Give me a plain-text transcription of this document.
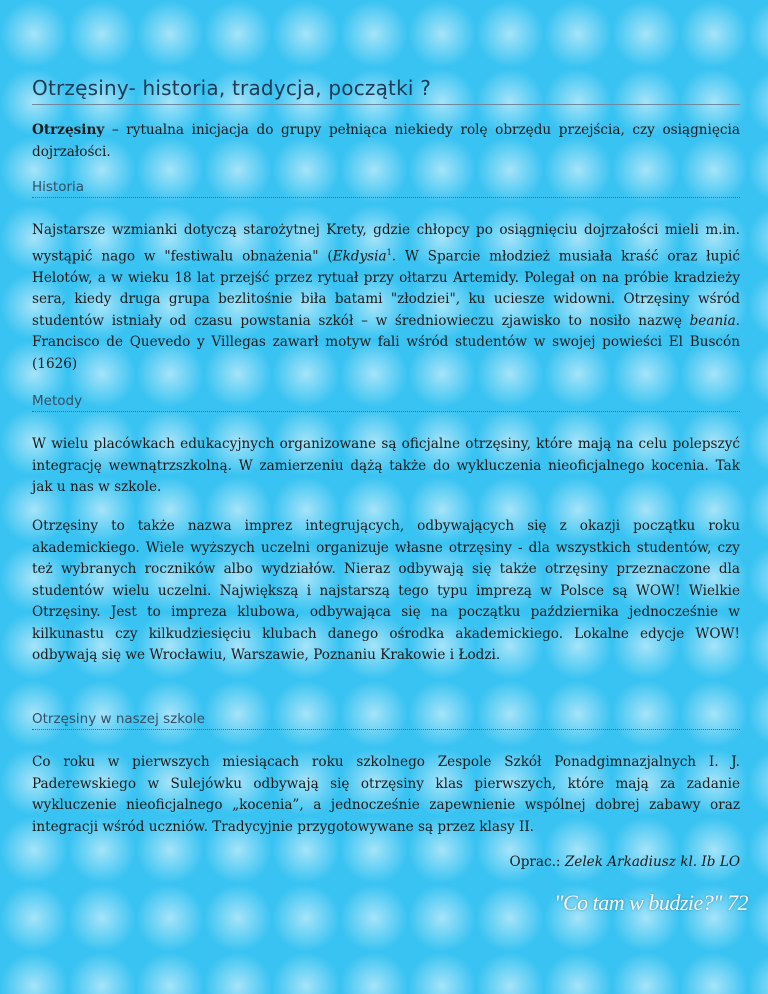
Otrzęsiny- historia, tradycja, początki ?

Otrzęsiny – rytualna inicjacja do grupy pełniąca niekiedy rolę obrzędu przejścia, czy osiągnięcia dojrzałości.

Historia

Najstarsze wzmianki dotyczą starożytnej Krety, gdzie chłopcy po osiągnięciu dojrzałości mieli m.in. wystąpić nago w "festiwalu obnażenia" (Ekdysia$^1$. W Sparcie młodzież musiała kraść oraz łupić Helotów, a w wieku 18 lat przejść przez rytuał przy ołtarzu Artemidy. Polegał on na próbie kradzieży sera, kiedy druga grupa bezlitośnie biła batami "złodziei", ku uciesze widowni. Otrzęsiny wśród studentów istniały od czasu powstania szkół – w średniowieczu zjawisko to nosiło nazwę beania. Francisco de Quevedo y Villegas zawarł motyw fali wśród studentów w swojej powieści El Buscón (1626)

Metody

W wielu placówkach edukacyjnych organizowane są oficjalne otrzęsiny, które mają na celu polepszyć integrację wewnątrzszkolną. W zamierzeniu dążą także do wykluczenia nieoficjalnego kocenia. Tak jak u nas w szkole.

Otrzęsiny to także nazwa imprez integrujących, odbywających się z okazji początku roku akademickiego. Wiele wyższych uczelni organizuje własne otrzęsiny - dla wszystkich studentów, czy też wybranych roczników albo wydziałów. Nieraz odbywają się także otrzęsiny przeznaczone dla studentów wielu uczelni. Największą i najstarszą tego typu imprezą w Polsce są WOW! Wielkie Otrzęsiny. Jest to impreza klubowa, odbywająca się na początku października jednocześnie w kilkunastu czy kilkudziesięciu klubach danego ośrodka akademickiego. Lokalne edycje WOW! odbywają się we Wrocławiu, Warszawie, Poznaniu Krakowie i Łodzi.

Otrzęsiny w naszej szkole

Co roku w pierwszych miesiącach roku szkolnego Zespole Szkół Ponadgimnazjalnych I. J. Paderewskiego w Sulejówku odbywają się otrzęsiny klas pierwszych, które mają za zadanie wykluczenie nieoficjalnego „kocenia”, a jednocześnie zapewnienie wspólnej dobrej zabawy oraz integracji wśród uczniów. Tradycyjnie przygotowywane są przez klasy II.

Oprac.: Zelek Arkadiusz kl. Ib LO
"Co tam w budzie?" 72
